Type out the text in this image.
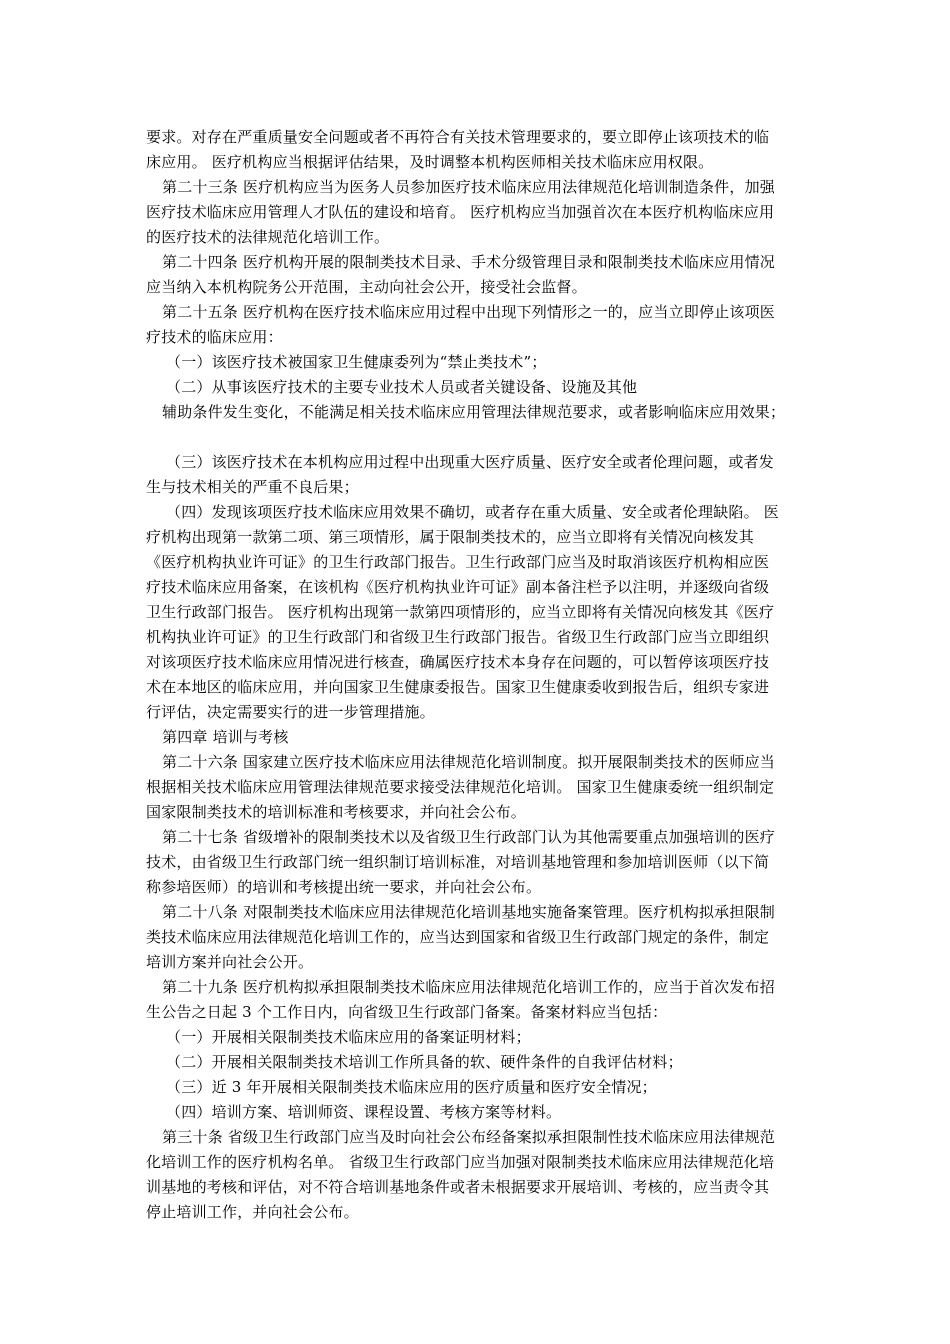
要求。对存在严重质量安全问题或者不再符合有关技术管理要求的，要立即停止该项技术的临
床应用。 医疗机构应当根据评估结果，及时调整本机构医师相关技术临床应用权限。
第二十三条 医疗机构应当为医务人员参加医疗技术临床应用法律规范化培训制造条件，加强
医疗技术临床应用管理人才队伍的建设和培育。 医疗机构应当加强首次在本医疗机构临床应用
的医疗技术的法律规范化培训工作。
第二十四条 医疗机构开展的限制类技术目录、手术分级管理目录和限制类技术临床应用情况
应当纳入本机构院务公开范围，主动向社会公开，接受社会监督。
第二十五条 医疗机构在医疗技术临床应用过程中出现下列情形之一的，应当立即停止该项医
疗技术的临床应用：
（一）该医疗技术被国家卫生健康委列为“禁止类技术”；
（二）从事该医疗技术的主要专业技术人员或者关键设备、设施及其他
辅助条件发生变化，不能满足相关技术临床应用管理法律规范要求，或者影响临床应用效果；
（三）该医疗技术在本机构应用过程中出现重大医疗质量、医疗安全或者伦理问题，或者发
生与技术相关的严重不良后果；
（四）发现该项医疗技术临床应用效果不确切，或者存在重大质量、安全或者伦理缺陷。 医
疗机构出现第一款第二项、第三项情形，属于限制类技术的，应当立即将有关情况向核发其
《医疗机构执业许可证》的卫生行政部门报告。卫生行政部门应当及时取消该医疗机构相应医
疗技术临床应用备案，在该机构《医疗机构执业许可证》副本备注栏予以注明，并逐级向省级
卫生行政部门报告。 医疗机构出现第一款第四项情形的，应当立即将有关情况向核发其《医疗
机构执业许可证》的卫生行政部门和省级卫生行政部门报告。省级卫生行政部门应当立即组织
对该项医疗技术临床应用情况进行核查，确属医疗技术本身存在问题的，可以暂停该项医疗技
术在本地区的临床应用，并向国家卫生健康委报告。国家卫生健康委收到报告后，组织专家进
行评估，决定需要实行的进一步管理措施。
第四章 培训与考核
第二十六条 国家建立医疗技术临床应用法律规范化培训制度。拟开展限制类技术的医师应当
根据相关技术临床应用管理法律规范要求接受法律规范化培训。 国家卫生健康委统一组织制定
国家限制类技术的培训标准和考核要求，并向社会公布。
第二十七条 省级增补的限制类技术以及省级卫生行政部门认为其他需要重点加强培训的医疗
技术，由省级卫生行政部门统一组织制订培训标准，对培训基地管理和参加培训医师（以下简
称参培医师）的培训和考核提出统一要求，并向社会公布。
第二十八条 对限制类技术临床应用法律规范化培训基地实施备案管理。医疗机构拟承担限制
类技术临床应用法律规范化培训工作的，应当达到国家和省级卫生行政部门规定的条件，制定
培训方案并向社会公开。
第二十九条 医疗机构拟承担限制类技术临床应用法律规范化培训工作的，应当于首次发布招
生公告之日起 3 个工作日内，向省级卫生行政部门备案。备案材料应当包括：
（一）开展相关限制类技术临床应用的备案证明材料；
（二）开展相关限制类技术培训工作所具备的软、硬件条件的自我评估材料；
（三）近 3 年开展相关限制类技术临床应用的医疗质量和医疗安全情况；
（四）培训方案、培训师资、课程设置、考核方案等材料。
第三十条 省级卫生行政部门应当及时向社会公布经备案拟承担限制性技术临床应用法律规范
化培训工作的医疗机构名单。 省级卫生行政部门应当加强对限制类技术临床应用法律规范化培
训基地的考核和评估，对不符合培训基地条件或者未根据要求开展培训、考核的，应当责令其
停止培训工作，并向社会公布。
